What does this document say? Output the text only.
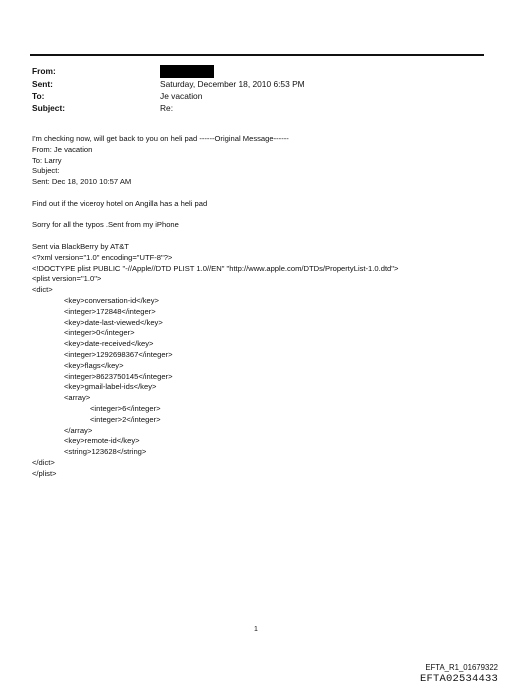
From:
Sent:	Saturday, December 18, 2010 6:53 PM
To:	Je vacation
Subject:	Re:
I'm checking now, will get back to you on heli pad ------Original Message------
From: Je vacation
To: Larry
Subject:
Sent: Dec 18, 2010 10:57 AM
Find out if the viceroy hotel on Angilla has a heli pad
Sorry for all the typos .Sent from my iPhone
Sent via BlackBerry by AT&T
<?xml version="1.0" encoding="UTF-8"?>
<!DOCTYPE plist PUBLIC "-//Apple//DTD PLIST 1.0//EN" "http://www.apple.com/DTDs/PropertyList-1.0.dtd">
<plist version="1.0">
<dict>
<key>conversation-id</key>
<integer>172848</integer>
<key>date-last-viewed</key>
<integer>0</integer>
<key>date-received</key>
<integer>1292698367</integer>
<key>flags</key>
<integer>8623750145</integer>
<key>gmail-label-ids</key>
<array>
<integer>6</integer>
<integer>2</integer>
</array>
<key>remote-id</key>
<string>123628</string>
</dict>
</plist>
1
EFTA_R1_01679322
EFTA02534433
